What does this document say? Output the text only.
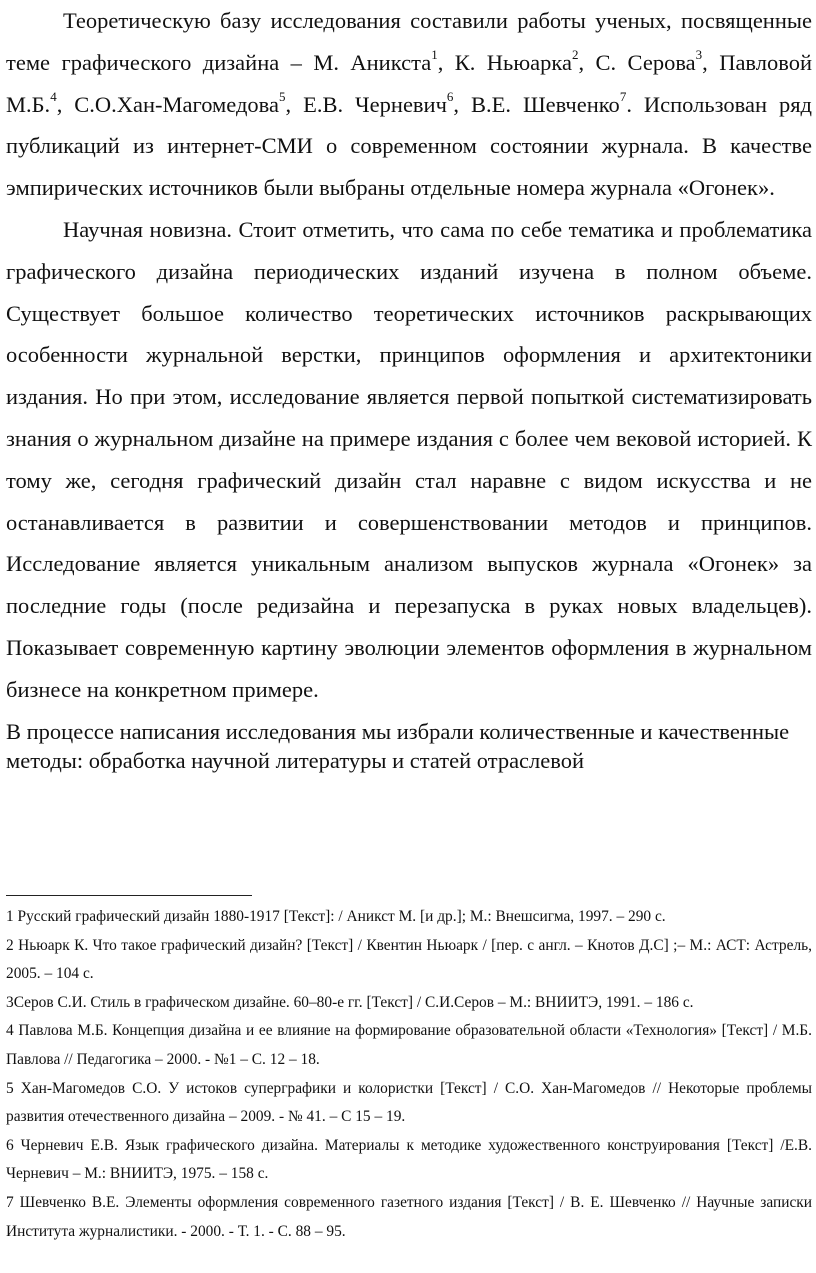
Теоретическую базу исследования составили работы ученых, посвященные теме графического дизайна – М. Аникста$^1$, К. Ньюарка$^2$, С. Серова$^3$, Павловой М.Б.$^4$, С.О.Хан-Магомедова$^5$, Е.В. Черневич$^6$, В.Е. Шевченко$^7$. Использован ряд публикаций из интернет-СМИ о современном состоянии журнала. В качестве эмпирических источников были выбраны отдельные номера журнала «Огонек».

Научная новизна. Стоит отметить, что сама по себе тематика и проблематика графического дизайна периодических изданий изучена в полном объеме. Существует большое количество теоретических источников раскрывающих особенности журнальной верстки, принципов оформления и архитектоники издания. Но при этом, исследование является первой попыткой систематизировать знания о журнальном дизайне на примере издания с более чем вековой историей. К тому же, сегодня графический дизайн стал наравне с видом искусства и не останавливается в развитии и совершенствовании методов и принципов. Исследование является уникальным анализом выпусков журнала «Огонек» за последние годы (после редизайна и перезапуска в руках новых владельцев). Показывает современную картину эволюции элементов оформления в журнальном бизнесе на конкретном примере.

В процессе написания исследования мы избрали количественные и качественные методы: обработка научной литературы и статей отраслевой

1 Русский графический дизайн 1880-1917 [Текст]: / Аникст М. [и др.]; М.: Внешсигма, 1997. – 290 с.

2 Ньюарк К. Что такое графический дизайн? [Текст] / Квентин Ньюарк / [пер. с англ. – Кнотов Д.С] ;– М.: АСТ: Астрель, 2005. – 104 с.

3Серов С.И. Стиль в графическом дизайне. 60–80-е гг. [Текст] / С.И.Серов – М.: ВНИИТЭ, 1991. – 186 с.

4 Павлова М.Б. Концепция дизайна и ее влияние на формирование образовательной области «Технология» [Текст] / М.Б. Павлова // Педагогика – 2000. - №1 – С. 12 – 18.

5 Хан-Магомедов С.О. У истоков суперграфики и колористки [Текст] / С.О. Хан-Магомедов // Некоторые проблемы развития отечественного дизайна – 2009. - № 41. – С 15 – 19.

6 Черневич Е.В. Язык графического дизайна. Материалы к методике художественного конструирования [Текст] /Е.В. Черневич – М.: ВНИИТЭ, 1975. – 158 с.

7 Шевченко В.Е. Элементы оформления современного газетного издания [Текст] / В. Е. Шевченко // Научные записки Института журналистики. - 2000. - Т. 1. - С. 88 – 95.
